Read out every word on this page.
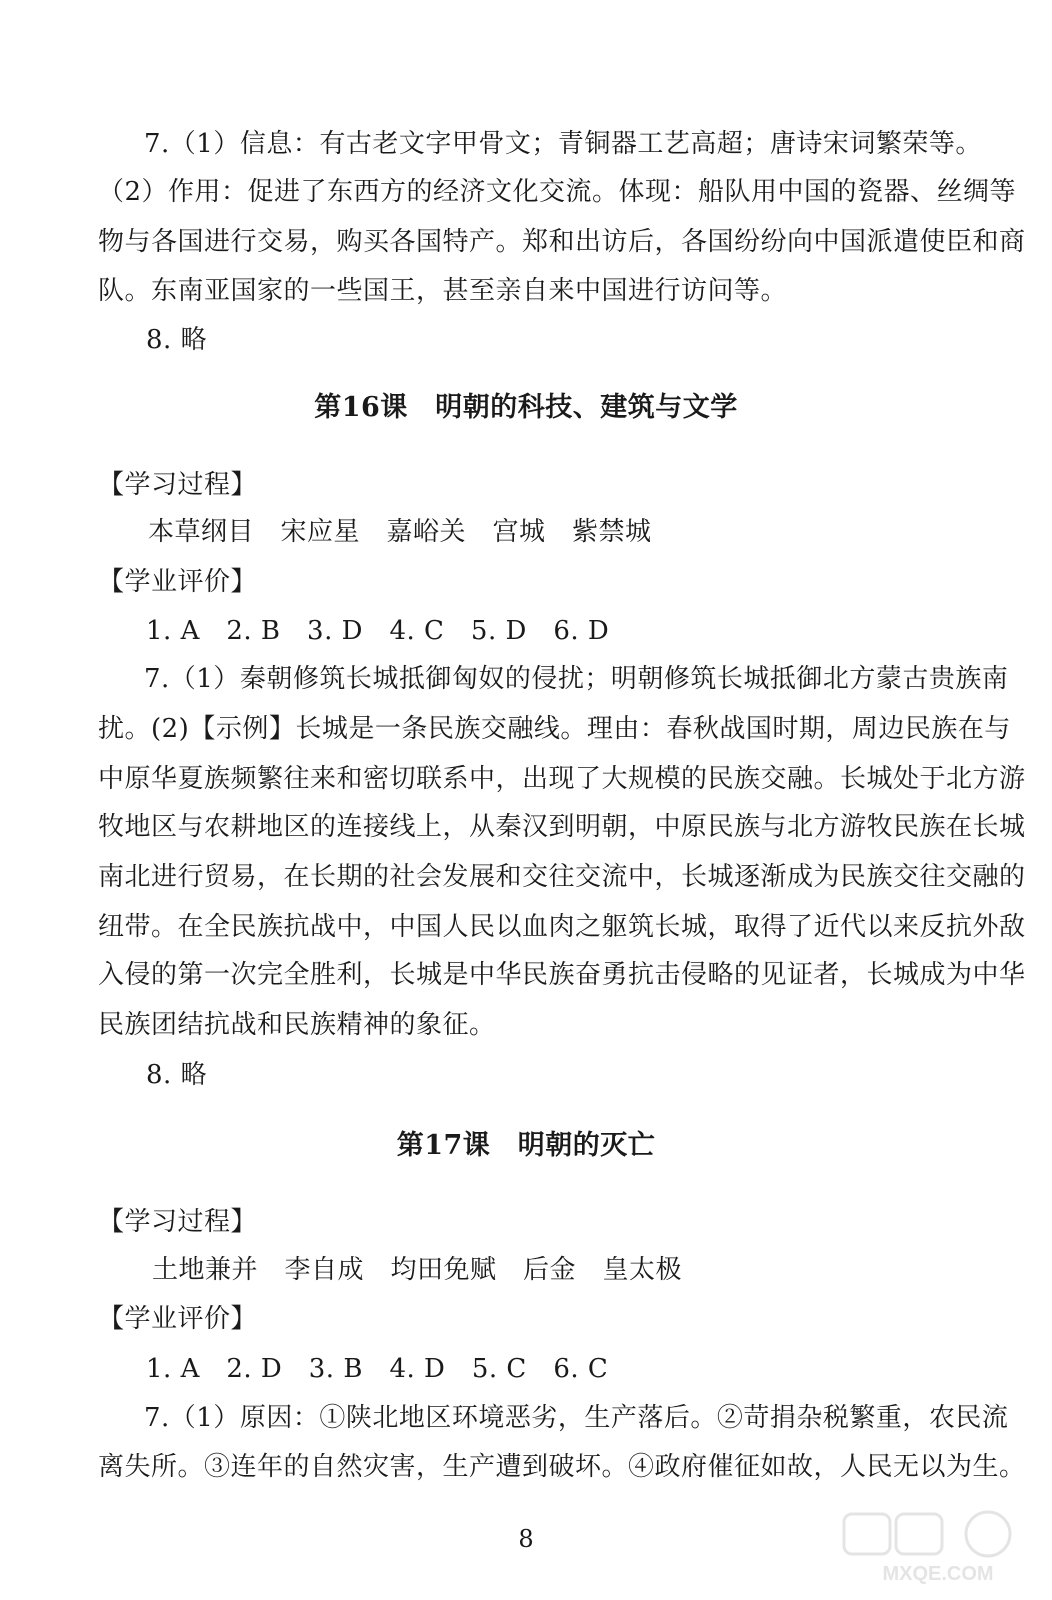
7.（1）信息：有古老文字甲骨文；青铜器工艺高超；唐诗宋词繁荣等。
（2）作用：促进了东西方的经济文化交流。体现：船队用中国的瓷器、丝绸等
物与各国进行交易，购买各国特产。郑和出访后，各国纷纷向中国派遣使臣和商
队。东南亚国家的一些国王，甚至亲自来中国进行访问等。
8. 略
第16课　明朝的科技、建筑与文学
【学习过程】
本草纲目　宋应星　嘉峪关　宫城　紫禁城
【学业评价】
1. A　2. B　3. D　4. C　5. D　6. D
7.（1）秦朝修筑长城抵御匈奴的侵扰；明朝修筑长城抵御北方蒙古贵族南
扰。(2)【示例】长城是一条民族交融线。理由：春秋战国时期，周边民族在与
中原华夏族频繁往来和密切联系中，出现了大规模的民族交融。长城处于北方游
牧地区与农耕地区的连接线上，从秦汉到明朝，中原民族与北方游牧民族在长城
南北进行贸易，在长期的社会发展和交往交流中，长城逐渐成为民族交往交融的
纽带。在全民族抗战中，中国人民以血肉之躯筑长城，取得了近代以来反抗外敌
入侵的第一次完全胜利，长城是中华民族奋勇抗击侵略的见证者，长城成为中华
民族团结抗战和民族精神的象征。
8. 略
第17课　明朝的灭亡
【学习过程】
土地兼并　李自成　均田免赋　后金　皇太极
【学业评价】
1. A　2. D　3. B　4. D　5. C　6. C
7.（1）原因：①陕北地区环境恶劣，生产落后。②苛捐杂税繁重，农民流
离失所。③连年的自然灾害，生产遭到破坏。④政府催征如故，人民无以为生。
8
MXQE.COM
